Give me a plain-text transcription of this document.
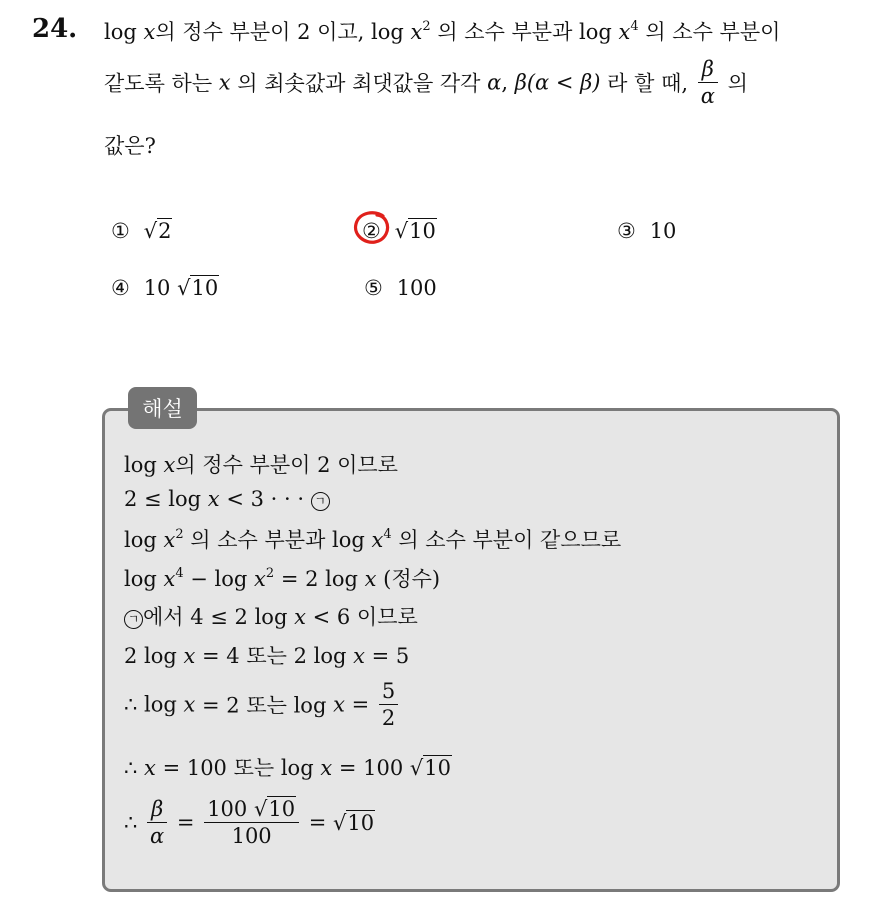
24. log x의 정수 부분이 2 이고, $\log x^2$ 의 소수 부분과 $\log x^4$ 의 소수 부분이
같도록 하는 x 의 최솟값과 최댓값을 각각 α, β(α < β) 라 할 때, $\frac{\beta}{\alpha}$ 의
값은?
① √2	② √10	③ 10
④ 10 √10	⑤ 100
해설
log x의 정수 부분이 2 이므로
2 ≤ log x < 3 · · · ㄱ
$\log x^2$ 의 소수 부분과 $\log x^4$ 의 소수 부분이 같으므로
$\log x^4 - \log x^2 = 2$ log x (정수)
ㄱ 에서 4 ≤ 2 log x < 6 이므로
2 log x = 4 또는 2 log x = 5
∴ log x = 2 또는 $\log x = \frac{5}{2}$
∴ x = 100 또는 log x = 100 √10
∴ $\frac{\beta}{\alpha} = \frac{100 √10}{100} = √10$
